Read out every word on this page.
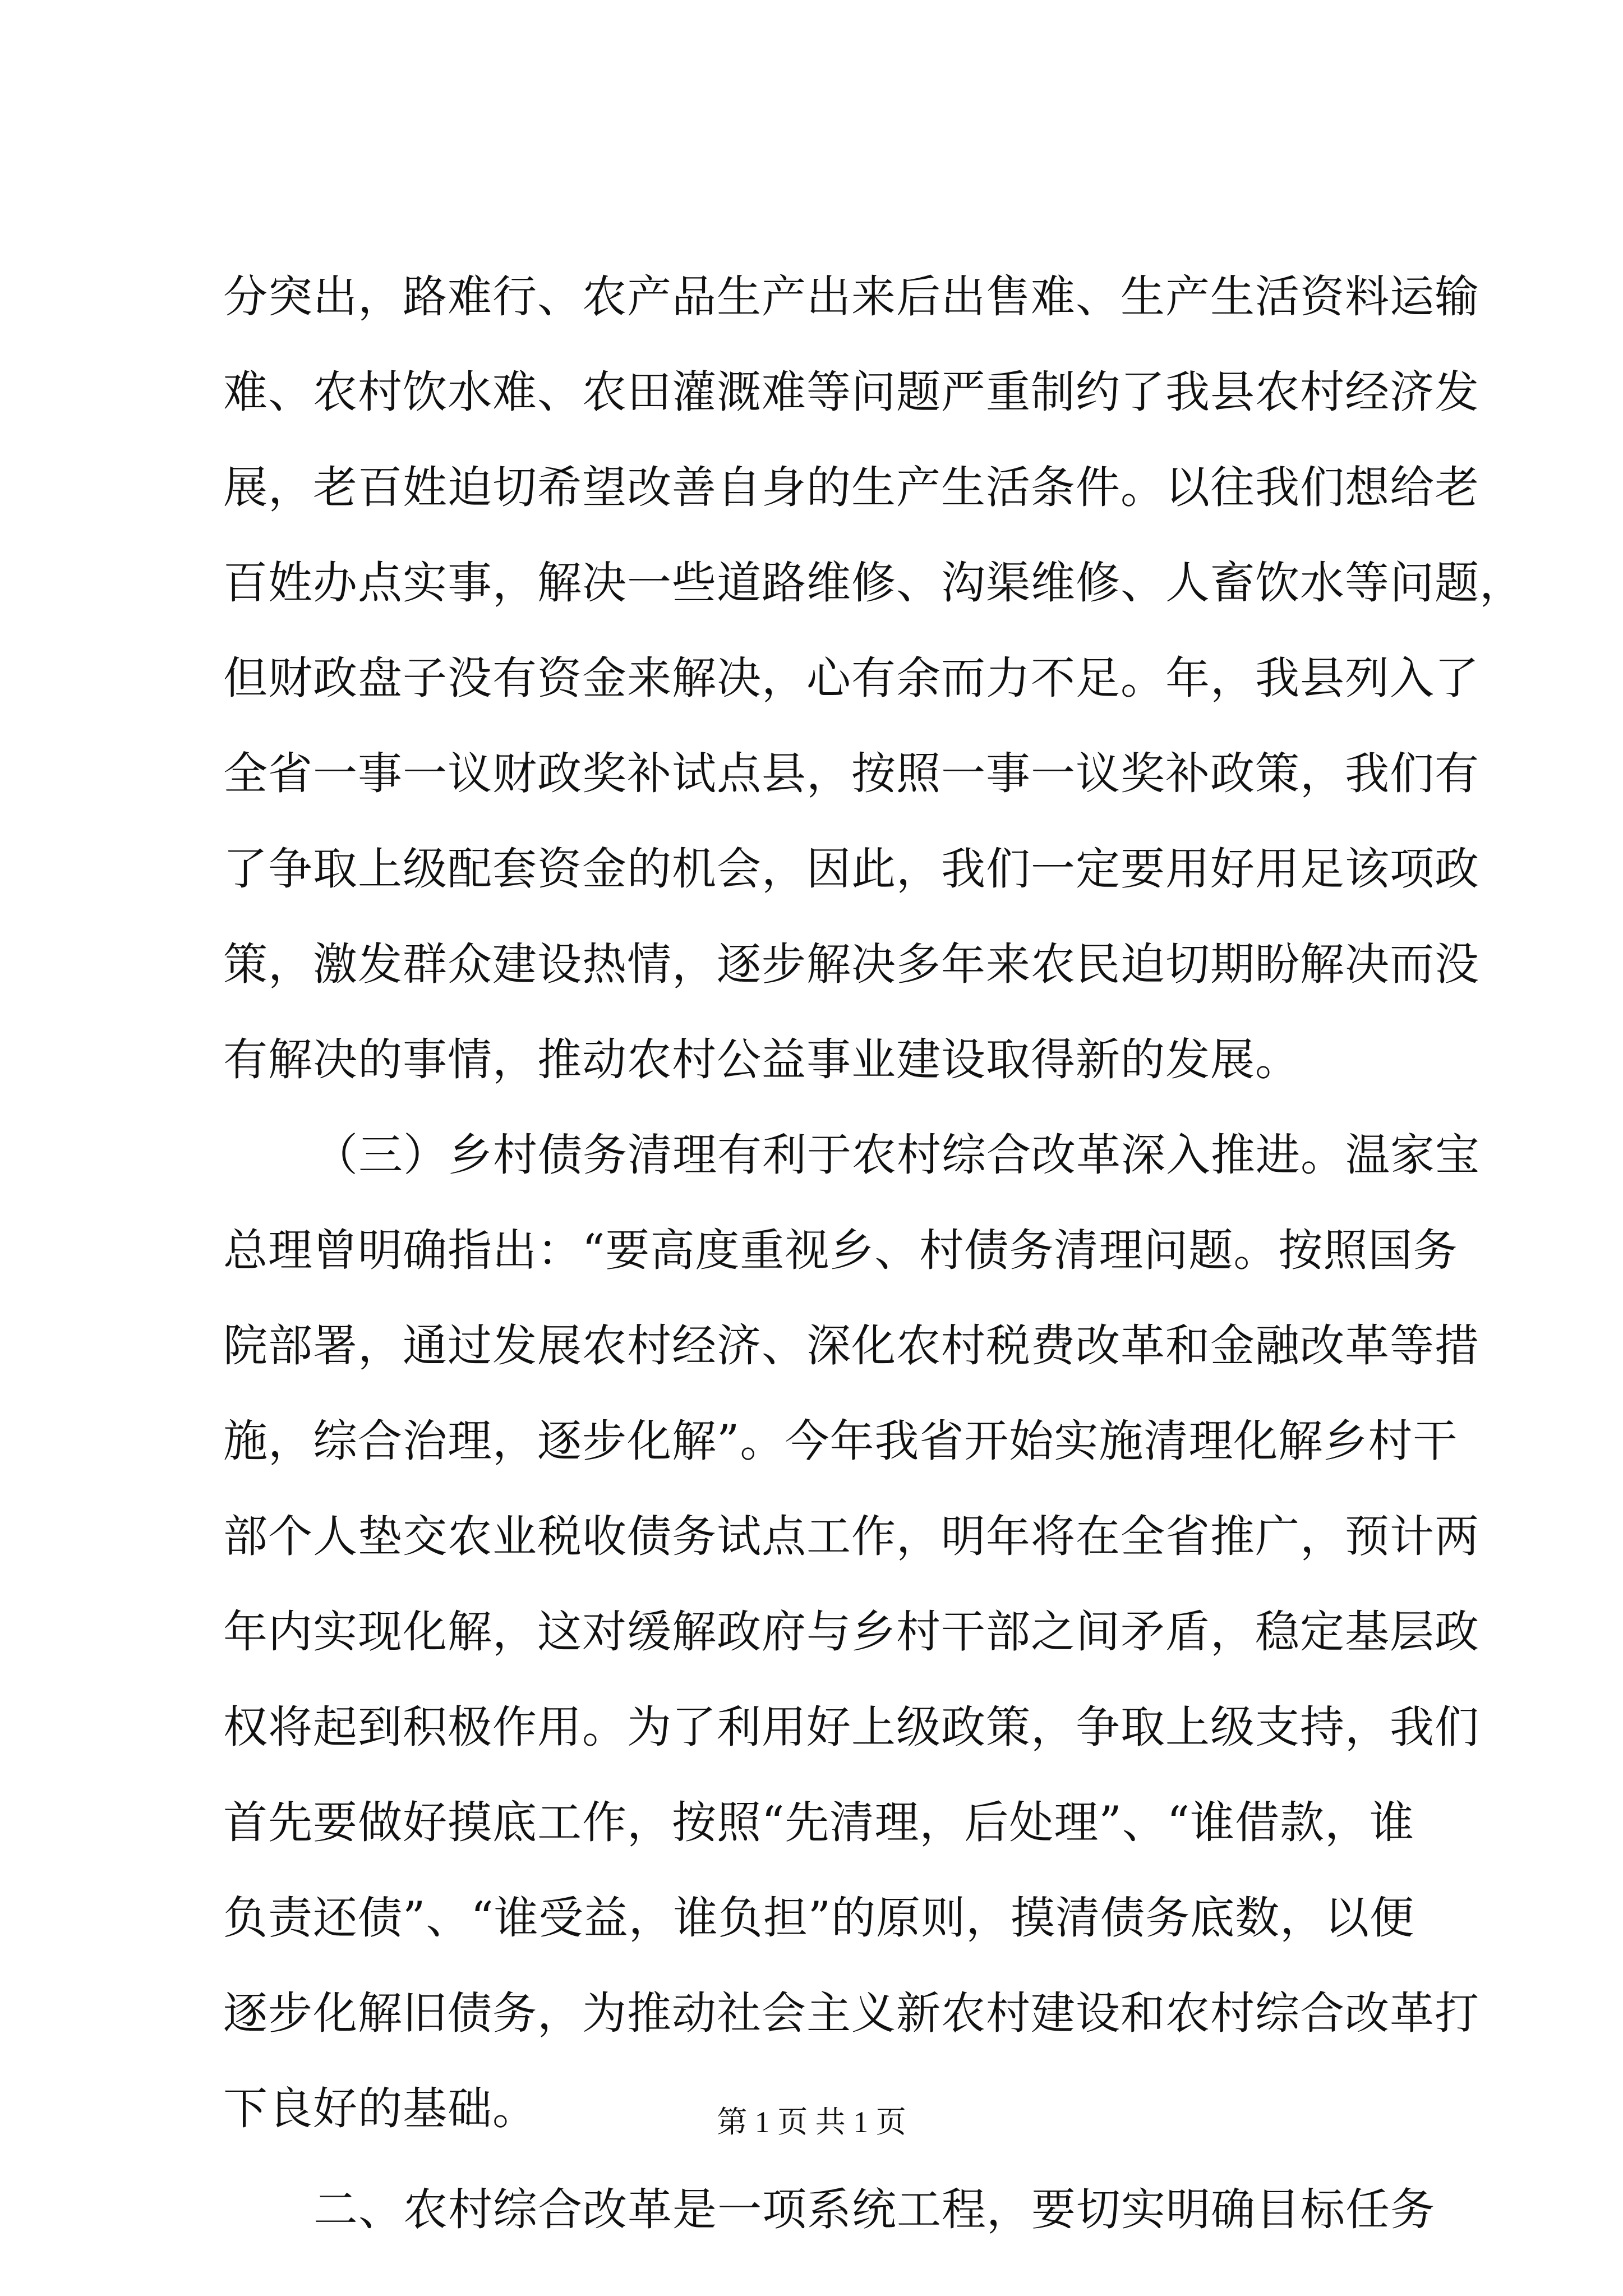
分突出，路难行、农产品生产出来后出售难、生产生活资料运输
难、农村饮水难、农田灌溉难等问题严重制约了我县农村经济发
展，老百姓迫切希望改善自身的生产生活条件。以往我们想给老
百姓办点实事，解决一些道路维修、沟渠维修、人畜饮水等问题，
但财政盘子没有资金来解决，心有余而力不足。年，我县列入了
全省一事一议财政奖补试点县，按照一事一议奖补政策，我们有
了争取上级配套资金的机会，因此，我们一定要用好用足该项政
策，激发群众建设热情，逐步解决多年来农民迫切期盼解决而没
有解决的事情，推动农村公益事业建设取得新的发展。
（三）乡村债务清理有利于农村综合改革深入推进。温家宝
总理曾明确指出：“要高度重视乡、村债务清理问题。按照国务
院部署，通过发展农村经济、深化农村税费改革和金融改革等措
施，综合治理，逐步化解”。今年我省开始实施清理化解乡村干
部个人垫交农业税收债务试点工作，明年将在全省推广，预计两
年内实现化解，这对缓解政府与乡村干部之间矛盾，稳定基层政
权将起到积极作用。为了利用好上级政策，争取上级支持，我们
首先要做好摸底工作，按照“先清理，后处理”、“谁借款，谁
负责还债”、“谁受益，谁负担”的原则，摸清债务底数，以便
逐步化解旧债务，为推动社会主义新农村建设和农村综合改革打
下良好的基础。
二、农村综合改革是一项系统工程，要切实明确目标任务
第 1 页 共 1 页
